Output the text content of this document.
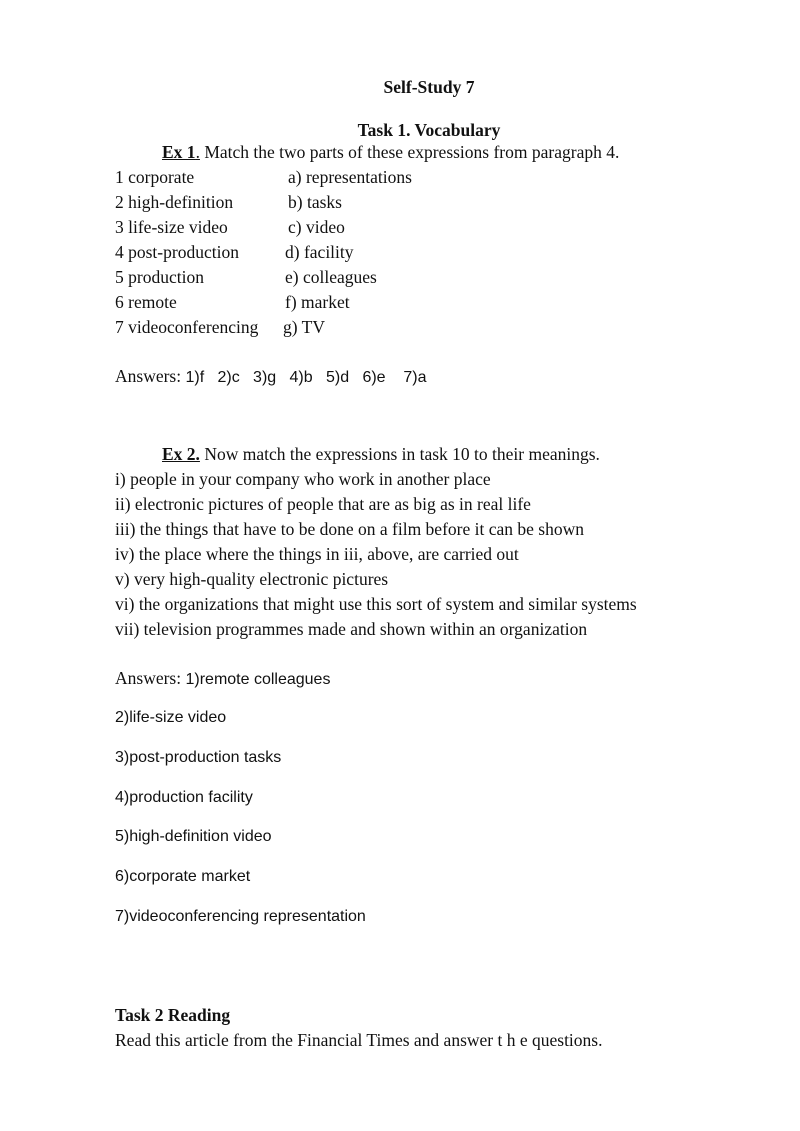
Self-Study 7
Task 1. Vocabulary
Ex 1. Match the two parts of these expressions from paragraph 4.
1 corporate	a) representations
2 high-definition	b) tasks
3 life-size video	c) video
4 post-production	d) facility
5 production	e) colleagues
6 remote	f) market
7 videoconferencing g) TV
Answers: 1)f   2)c   3)g   4)b   5)d   6)e    7)a
Ex 2. Now match the expressions in task 10 to their meanings.
i) people in your company who work in another place
ii) electronic pictures of people that are as big as in real life
iii) the things that have to be done on a film before it can be shown
iv) the place where the things in iii, above, are carried out
v) very high-quality electronic pictures
vi) the organizations that might use this sort of system and similar systems
vii) television programmes made and shown within an organization
Answers: 1)remote colleagues
2)life-size video
3)post-production tasks
4)production facility
5)high-definition video
6)corporate market
7)videoconferencing representation
Task 2 Reading
Read this article from the Financial Times and answer t h e questions.
